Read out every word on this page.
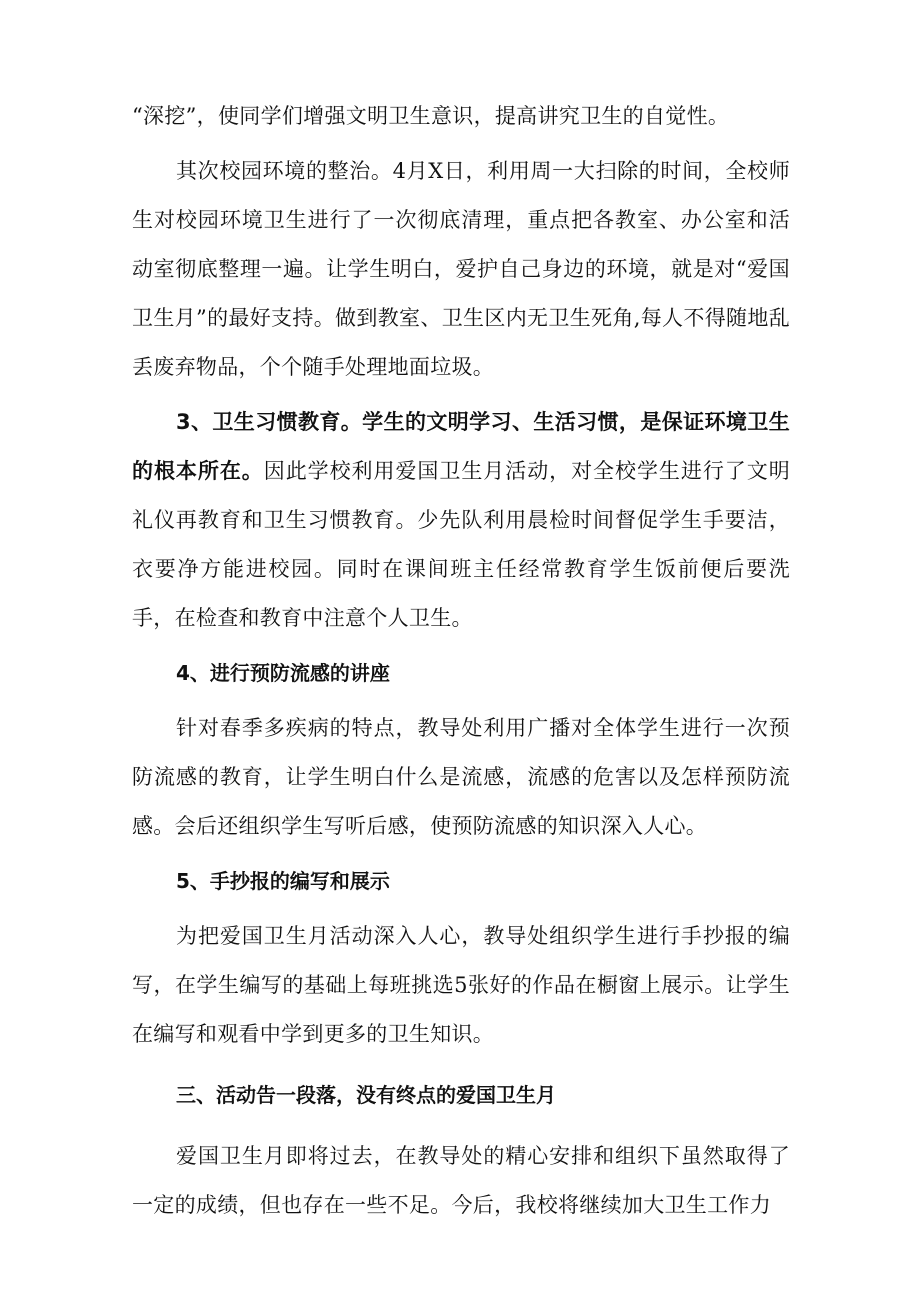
“深挖”，使同学们增强文明卫生意识，提高讲究卫生的自觉性。

其次校园环境的整治。4月X日，利用周一大扫除的时间，全校师生对校园环境卫生进行了一次彻底清理，重点把各教室、办公室和活动室彻底整理一遍。让学生明白，爱护自己身边的环境，就是对“爱国卫生月”的最好支持。做到教室、卫生区内无卫生死角,每人不得随地乱丢废弃物品，个个随手处理地面垃圾。

3、卫生习惯教育。学生的文明学习、生活习惯，是保证环境卫生的根本所在。因此学校利用爱国卫生月活动，对全校学生进行了文明礼仪再教育和卫生习惯教育。少先队利用晨检时间督促学生手要洁，衣要净方能进校园。同时在课间班主任经常教育学生饭前便后要洗手，在检查和教育中注意个人卫生。

4、进行预防流感的讲座

针对春季多疾病的特点，教导处利用广播对全体学生进行一次预防流感的教育，让学生明白什么是流感，流感的危害以及怎样预防流感。会后还组织学生写听后感，使预防流感的知识深入人心。

5、手抄报的编写和展示

为把爱国卫生月活动深入人心，教导处组织学生进行手抄报的编写，在学生编写的基础上每班挑选5张好的作品在橱窗上展示。让学生在编写和观看中学到更多的卫生知识。

三、活动告一段落，没有终点的爱国卫生月

爱国卫生月即将过去，在教导处的精心安排和组织下虽然取得了一定的成绩，但也存在一些不足。今后，我校将继续加大卫生工作力
